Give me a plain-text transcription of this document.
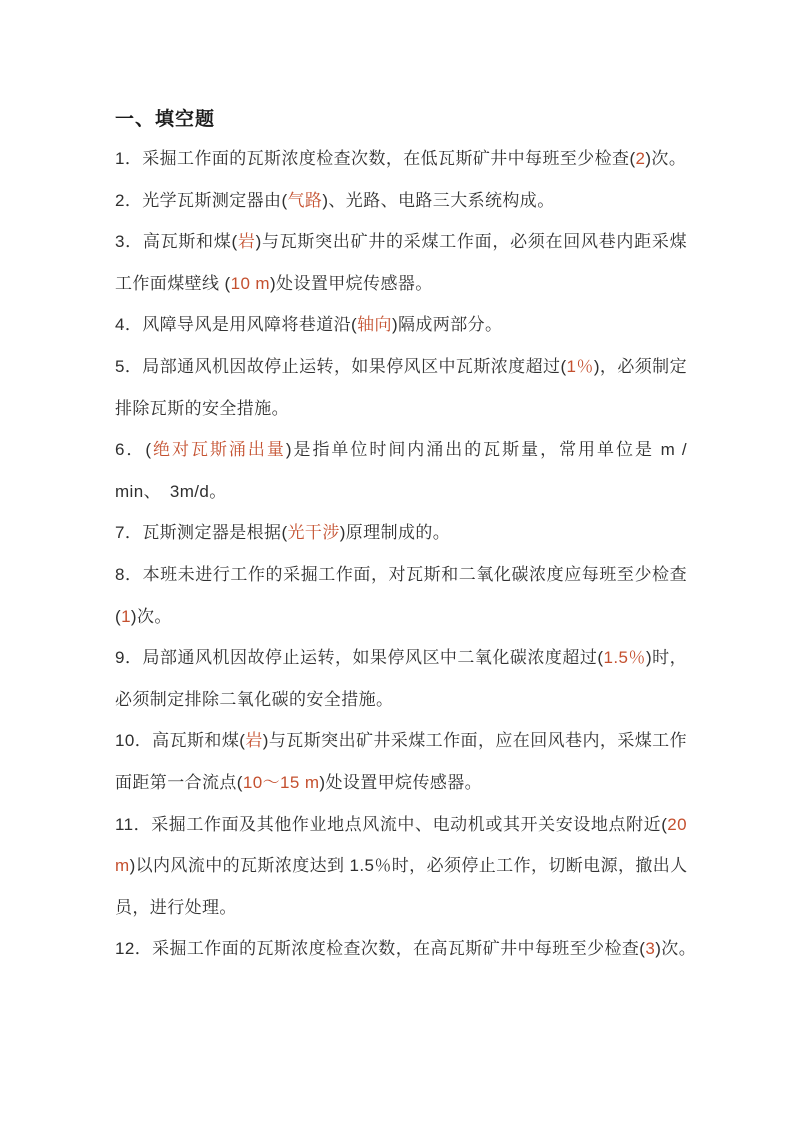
一、填空题
1．采掘工作面的瓦斯浓度检查次数，在低瓦斯矿井中每班至少检查(2)次。
2．光学瓦斯测定器由(气路)、光路、电路三大系统构成。
3．高瓦斯和煤(岩)与瓦斯突出矿井的采煤工作面，必须在回风巷内距采煤
工作面煤壁线 (10 m)处设置甲烷传感器。
4．风障导风是用风障将巷道沿(轴向)隔成两部分。
5．局部通风机因故停止运转，如果停风区中瓦斯浓度超过(1％)，必须制定
排除瓦斯的安全措施。
6．(绝对瓦斯涌出量)是指单位时间内涌出的瓦斯量，常用单位是 m /
min、　3m/d。
7．瓦斯测定器是根据(光干涉)原理制成的。
8．本班未进行工作的采掘工作面，对瓦斯和二氧化碳浓度应每班至少检查
(1)次。
9．局部通风机因故停止运转，如果停风区中二氧化碳浓度超过(1.5％)时，
必须制定排除二氧化碳的安全措施。
10．高瓦斯和煤(岩)与瓦斯突出矿井采煤工作面，应在回风巷内，采煤工作
面距第一合流点(10～15 m)处设置甲烷传感器。
11．采掘工作面及其他作业地点风流中、电动机或其开关安设地点附近(20
m)以内风流中的瓦斯浓度达到 1.5％时，必须停止工作，切断电源，撤出人
员，进行处理。
12．采掘工作面的瓦斯浓度检查次数，在高瓦斯矿井中每班至少检查(3)次。
